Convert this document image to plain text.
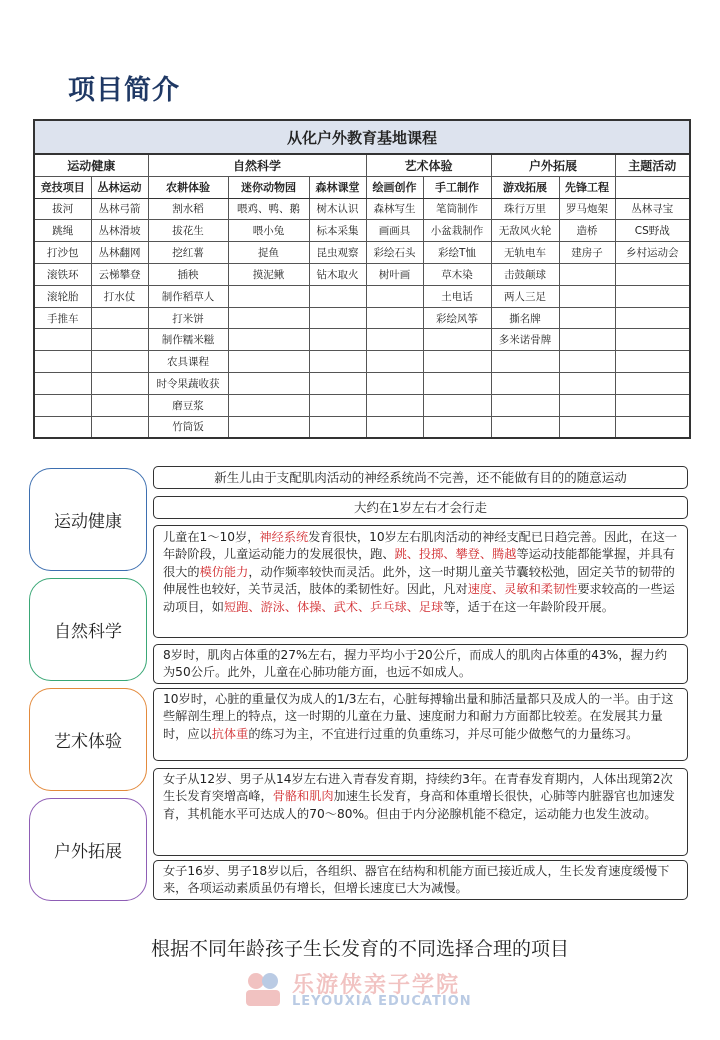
项目简介
从化户外教育基地课程									
运动健康		自然科学			艺术体验		户外拓展		主题活动
竞技项目	丛林运动	农耕体验	迷你动物园	森林课堂	绘画创作	手工制作	游戏拓展	先锋工程	
拔河	丛林弓箭	割水稻	喂鸡、鸭、鹅	树木认识	森林写生	笔筒制作	珠行万里	罗马炮架	丛林寻宝
跳绳	丛林滑坡	拔花生	喂小兔	标本采集	画画具	小盆栽制作	无敌风火轮	造桥	CS野战
打沙包	丛林翻网	挖红薯	捉鱼	昆虫观察	彩绘石头	彩绘T恤	无轨电车	建房子	乡村运动会
滚铁环	云梯攀登	插秧	摸泥鳅	钻木取火	树叶画	草木染	击鼓颠球		
滚轮胎	打水仗	制作稻草人				土电话	两人三足		
手推车		打米饼				彩绘风筝	撕名牌		
		制作糯米糍					多米诺骨牌		
		农具课程							
		时令果蔬收获							
		磨豆浆							
		竹筒饭							
运动健康
自然科学
艺术体验
户外拓展
新生儿由于支配肌肉活动的神经系统尚不完善，还不能做有目的的随意运动
大约在1岁左右才会行走
儿童在1～10岁，神经系统发育很快，10岁左右肌肉活动的神经支配已日趋完善。因此，在这一年龄阶段，儿童运动能力的发展很快，跑、跳、投掷、攀登、腾越等运动技能都能掌握，并具有很大的模仿能力，动作频率较快而灵活。此外，这一时期儿童关节囊较松弛，固定关节的韧带的伸展性也较好，关节灵活，肢体的柔韧性好。因此，凡对速度、灵敏和柔韧性要求较高的一些运动项目，如短跑、游泳、体操、武术、乒乓球、足球等，适于在这一年龄阶段开展。
8岁时，肌肉占体重的27%左右，握力平均小于20公斤，而成人的肌肉占体重的43%，握力约为50公斤。此外，儿童在心肺功能方面，也远不如成人。
10岁时，心脏的重量仅为成人的1/3左右，心脏每搏输出量和肺活量都只及成人的一半。由于这些解剖生理上的特点，这一时期的儿童在力量、速度耐力和耐力方面都比较差。在发展其力量时，应以抗体重的练习为主，不宜进行过重的负重练习，并尽可能少做憋气的力量练习。
女子从12岁、男子从14岁左右进入青春发育期，持续约3年。在青春发育期内，人体出现第2次生长发育突增高峰，骨骼和肌肉加速生长发育，身高和体重增长很快，心肺等内脏器官也加速发育，其机能水平可达成人的70～80%。但由于内分泌腺机能不稳定，运动能力也发生波动。
女子16岁、男子18岁以后，各组织、器官在结构和机能方面已接近成人，生长发育速度缓慢下来，各项运动素质虽仍有增长，但增长速度已大为减慢。
根据不同年龄孩子生长发育的不同选择合理的项目
乐游侠亲子学院
LEYOUXIA EDUCATION
